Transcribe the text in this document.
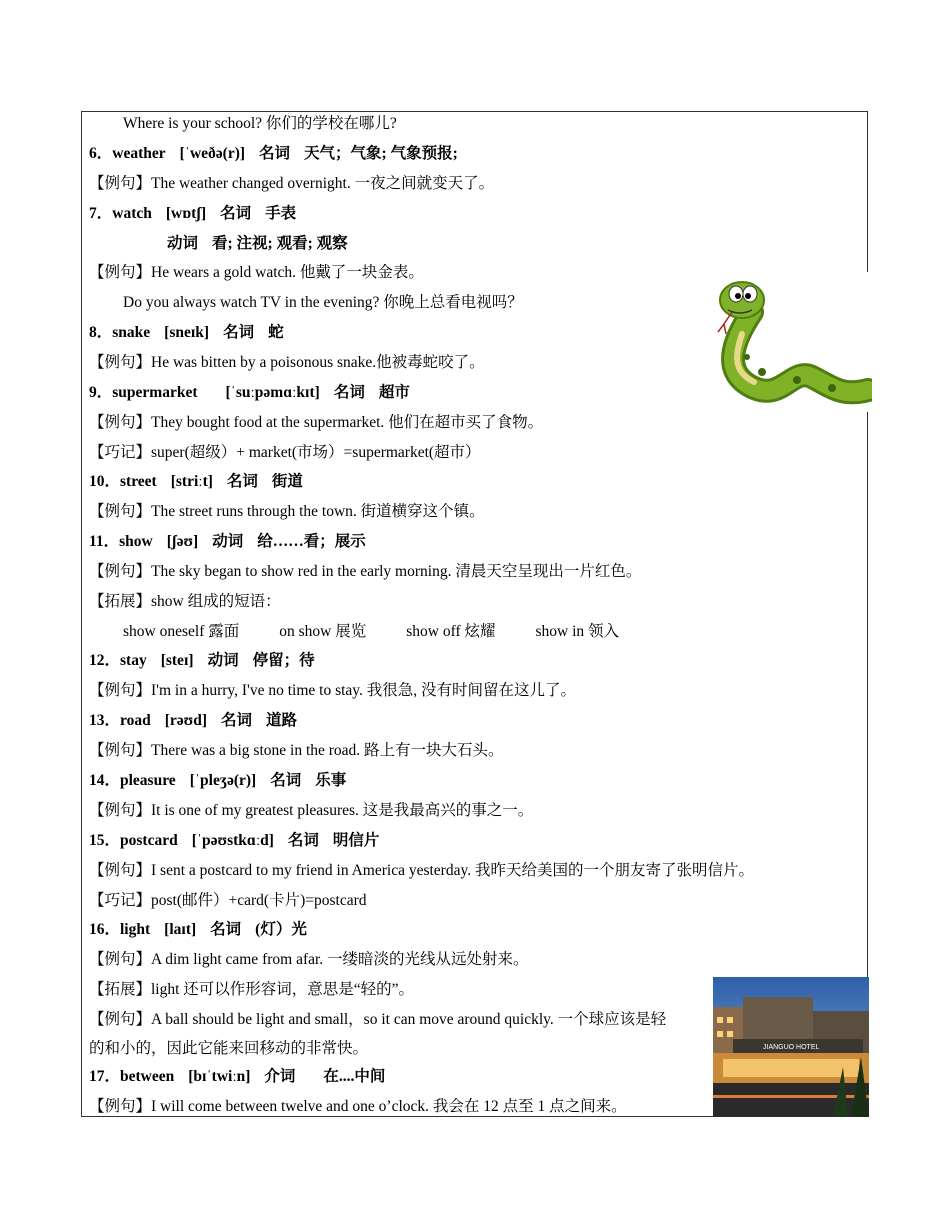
Where is your school? 你们的学校在哪儿?
6．weather [ˈweðə(r)] 名词 天气；气象; 气象预报;
【例句】The weather changed overnight. 一夜之间就变天了。
7．watch [wɒtʃ] 名词 手表
动词 看; 注视; 观看; 观察
【例句】He wears a gold watch. 他戴了一块金表。
Do you always watch TV in the evening? 你晚上总看电视吗？
8．snake [sneɪk] 名词 蛇
【例句】He was bitten by a poisonous snake.他被毒蛇咬了。
9．supermarket [ˈsuːpəmɑːkɪt] 名词 超市
【例句】They bought food at the supermarket. 他们在超市买了食物。
【巧记】super(超级）+ market(市场）=supermarket(超市）
10．street [striːt] 名词 街道
【例句】The street runs through the town. 街道横穿这个镇。
11．show [ʃəʊ] 动词 给……看；展示
【例句】The sky began to show red in the early morning. 清晨天空呈现出一片红色。
【拓展】show 组成的短语：
show oneself 露面	on show 展览	show off 炫耀	show in 领入
12．stay [steɪ] 动词 停留；待
【例句】I'm in a hurry, I've no time to stay. 我很急, 没有时间留在这儿了。
13．road [rəʊd] 名词 道路
【例句】There was a big stone in the road. 路上有一块大石头。
14．pleasure [ˈpleʒə(r)] 名词 乐事
【例句】It is one of my greatest pleasures. 这是我最高兴的事之一。
15．postcard [ˈpəʊstkɑːd] 名词 明信片
【例句】I sent a postcard to my friend in America yesterday. 我昨天给美国的一个朋友寄了张明信片。
【巧记】post(邮件）+card(卡片)=postcard
16．light [laɪt] 名词 (灯）光
【例句】A dim light came from afar. 一缕暗淡的光线从远处射来。
【拓展】light 还可以作形容词，意思是“轻的”。
【例句】A ball should be light and small，so it can move around quickly. 一个球应该是轻
的和小的，因此它能来回移动的非常快。
17．between [bɪˈtwiːn] 介词 在....中间
【例句】I will come between twelve and one o’clock. 我会在 12 点至 1 点之间来。
JIANGUO HOTEL
